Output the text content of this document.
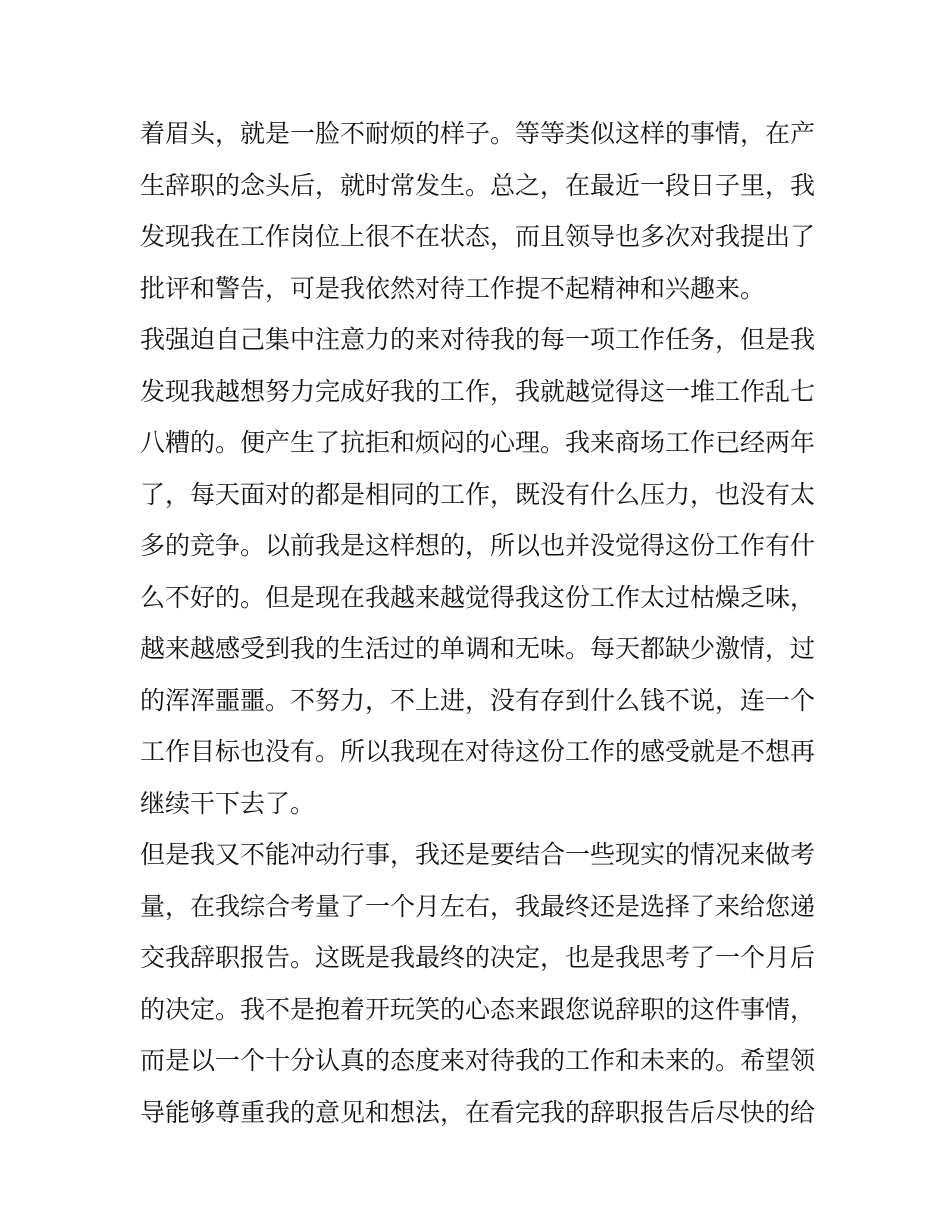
着眉头，就是一脸不耐烦的样子。等等类似这样的事情，在产
生辞职的念头后，就时常发生。总之，在最近一段日子里，我
发现我在工作岗位上很不在状态，而且领导也多次对我提出了
批评和警告，可是我依然对待工作提不起精神和兴趣来。
我强迫自己集中注意力的来对待我的每一项工作任务，但是我
发现我越想努力完成好我的工作，我就越觉得这一堆工作乱七
八糟的。便产生了抗拒和烦闷的心理。我来商场工作已经两年
了，每天面对的都是相同的工作，既没有什么压力，也没有太
多的竞争。以前我是这样想的，所以也并没觉得这份工作有什
么不好的。但是现在我越来越觉得我这份工作太过枯燥乏味，
越来越感受到我的生活过的单调和无味。每天都缺少激情，过
的浑浑噩噩。不努力，不上进，没有存到什么钱不说，连一个
工作目标也没有。所以我现在对待这份工作的感受就是不想再
继续干下去了。
但是我又不能冲动行事，我还是要结合一些现实的情况来做考
量，在我综合考量了一个月左右，我最终还是选择了来给您递
交我辞职报告。这既是我最终的决定，也是我思考了一个月后
的决定。我不是抱着开玩笑的心态来跟您说辞职的这件事情，
而是以一个十分认真的态度来对待我的工作和未来的。希望领
导能够尊重我的意见和想法，在看完我的辞职报告后尽快的给
